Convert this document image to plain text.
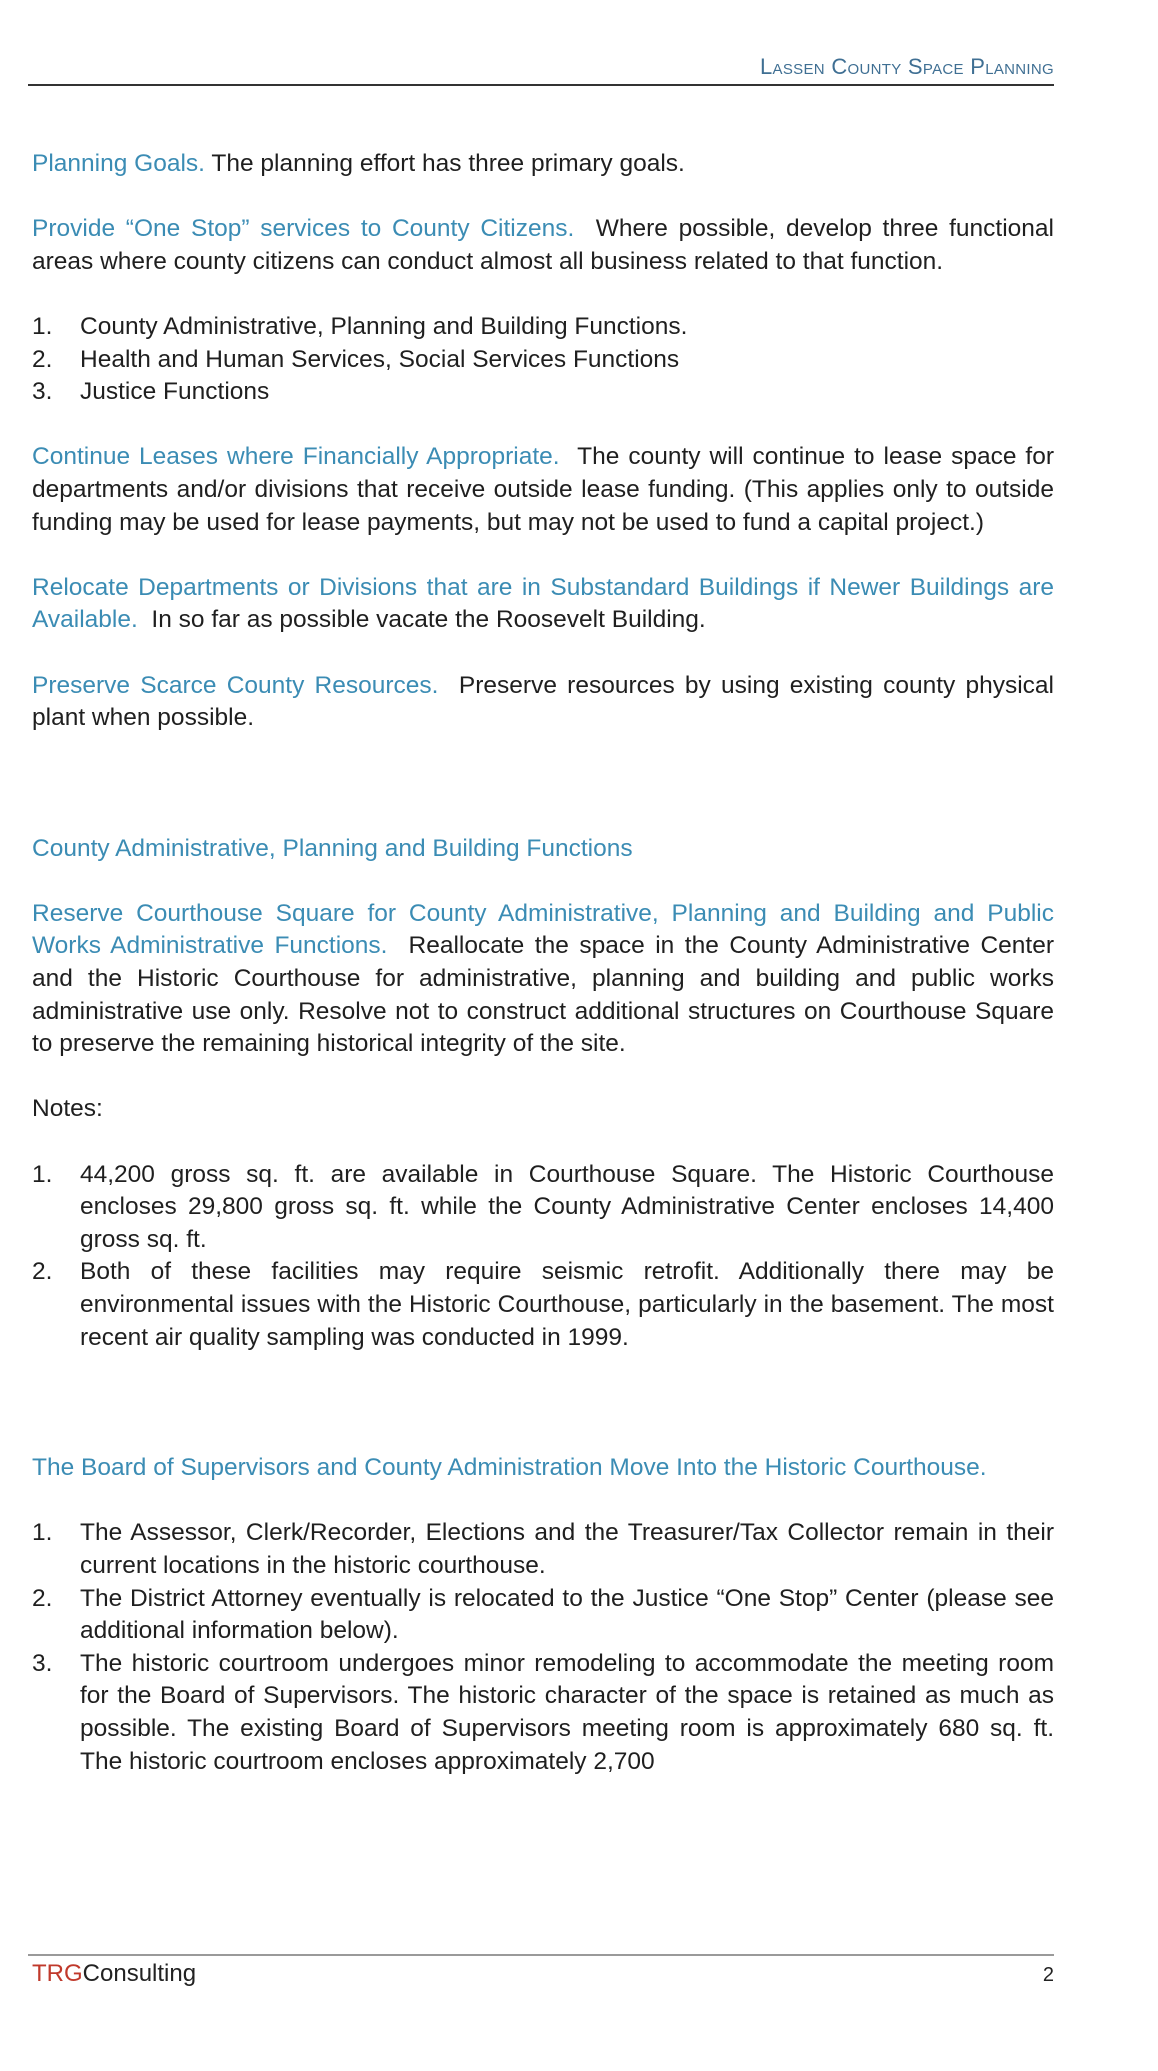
Lassen County Space Planning

Planning Goals. The planning effort has three primary goals.

Provide “One Stop” services to County Citizens. Where possible, develop three functional areas where county citizens can conduct almost all business related to that function.

1. County Administrative, Planning and Building Functions.
2. Health and Human Services, Social Services Functions
3. Justice Functions

Continue Leases where Financially Appropriate. The county will continue to lease space for departments and/or divisions that receive outside lease funding. (This applies only to outside funding may be used for lease payments, but may not be used to fund a capital project.)

Relocate Departments or Divisions that are in Substandard Buildings if Newer Buildings are Available. In so far as possible vacate the Roosevelt Building.

Preserve Scarce County Resources. Preserve resources by using existing county physical plant when possible.

County Administrative, Planning and Building Functions

Reserve Courthouse Square for County Administrative, Planning and Building and Public Works Administrative Functions. Reallocate the space in the County Administrative Center and the Historic Courthouse for administrative, planning and building and public works administrative use only. Resolve not to construct additional structures on Courthouse Square to preserve the remaining historical integrity of the site.

Notes:

1. 44,200 gross sq. ft. are available in Courthouse Square. The Historic Courthouse encloses 29,800 gross sq. ft. while the County Administrative Center encloses 14,400 gross sq. ft.
2. Both of these facilities may require seismic retrofit. Additionally there may be environmental issues with the Historic Courthouse, particularly in the basement. The most recent air quality sampling was conducted in 1999.

The Board of Supervisors and County Administration Move Into the Historic Courthouse.

1. The Assessor, Clerk/Recorder, Elections and the Treasurer/Tax Collector remain in their current locations in the historic courthouse.
2. The District Attorney eventually is relocated to the Justice “One Stop” Center (please see additional information below).
3. The historic courtroom undergoes minor remodeling to accommodate the meeting room for the Board of Supervisors. The historic character of the space is retained as much as possible. The existing Board of Supervisors meeting room is approximately 680 sq. ft. The historic courtroom encloses approximately 2,700
TRGConsulting	2
